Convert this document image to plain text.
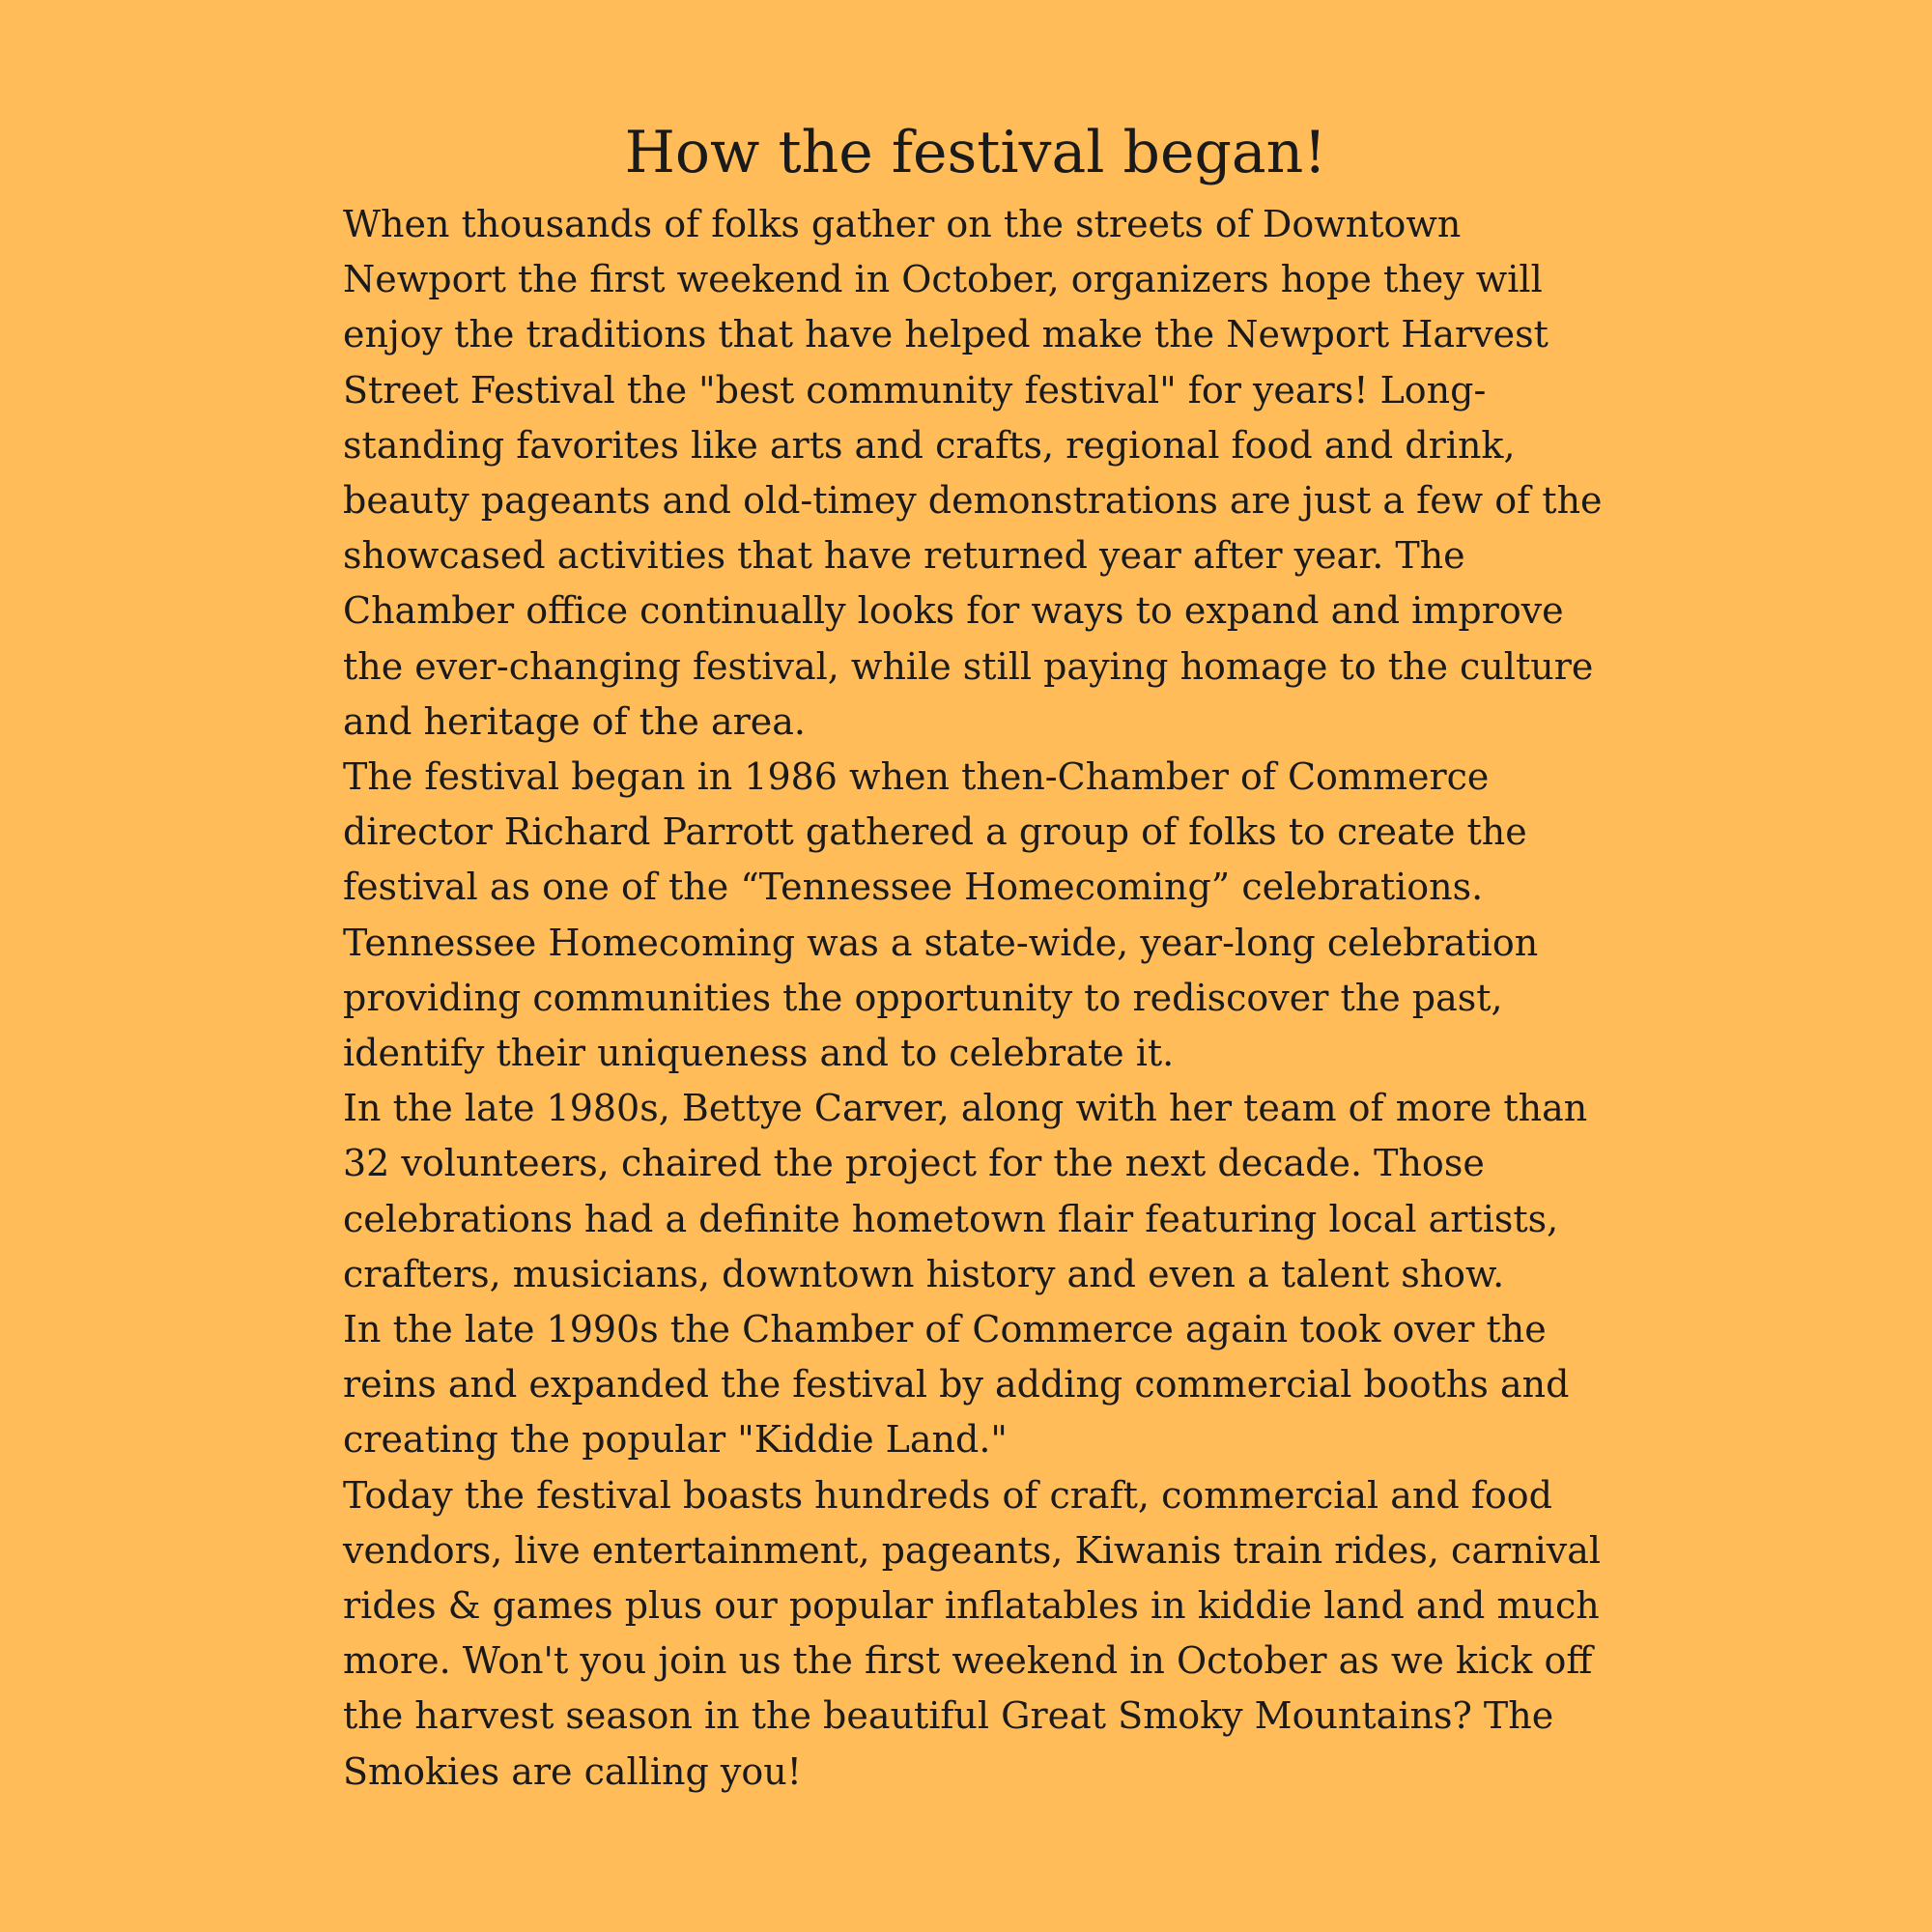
How the festival began!
When thousands of folks gather on the streets of Downtown
Newport the first weekend in October, organizers hope they will
enjoy the traditions that have helped make the Newport Harvest
Street Festival the "best community festival" for years! Long-
standing favorites like arts and crafts, regional food and drink,
beauty pageants and old-timey demonstrations are just a few of the
showcased activities that have returned year after year. The
Chamber office continually looks for ways to expand and improve
the ever-changing festival, while still paying homage to the culture
and heritage of the area.
The festival began in 1986 when then-Chamber of Commerce
director Richard Parrott gathered a group of folks to create the
festival as one of the “Tennessee Homecoming” celebrations.
Tennessee Homecoming was a state-wide, year-long celebration
providing communities the opportunity to rediscover the past,
identify their uniqueness and to celebrate it.
In the late 1980s, Bettye Carver, along with her team of more than
32 volunteers, chaired the project for the next decade. Those
celebrations had a definite hometown flair featuring local artists,
crafters, musicians, downtown history and even a talent show.
In the late 1990s the Chamber of Commerce again took over the
reins and expanded the festival by adding commercial booths and
creating the popular "Kiddie Land."
Today the festival boasts hundreds of craft, commercial and food
vendors, live entertainment, pageants, Kiwanis train rides, carnival
rides & games plus our popular inflatables in kiddie land and much
more. Won't you join us the first weekend in October as we kick off
the harvest season in the beautiful Great Smoky Mountains? The
Smokies are calling you!
